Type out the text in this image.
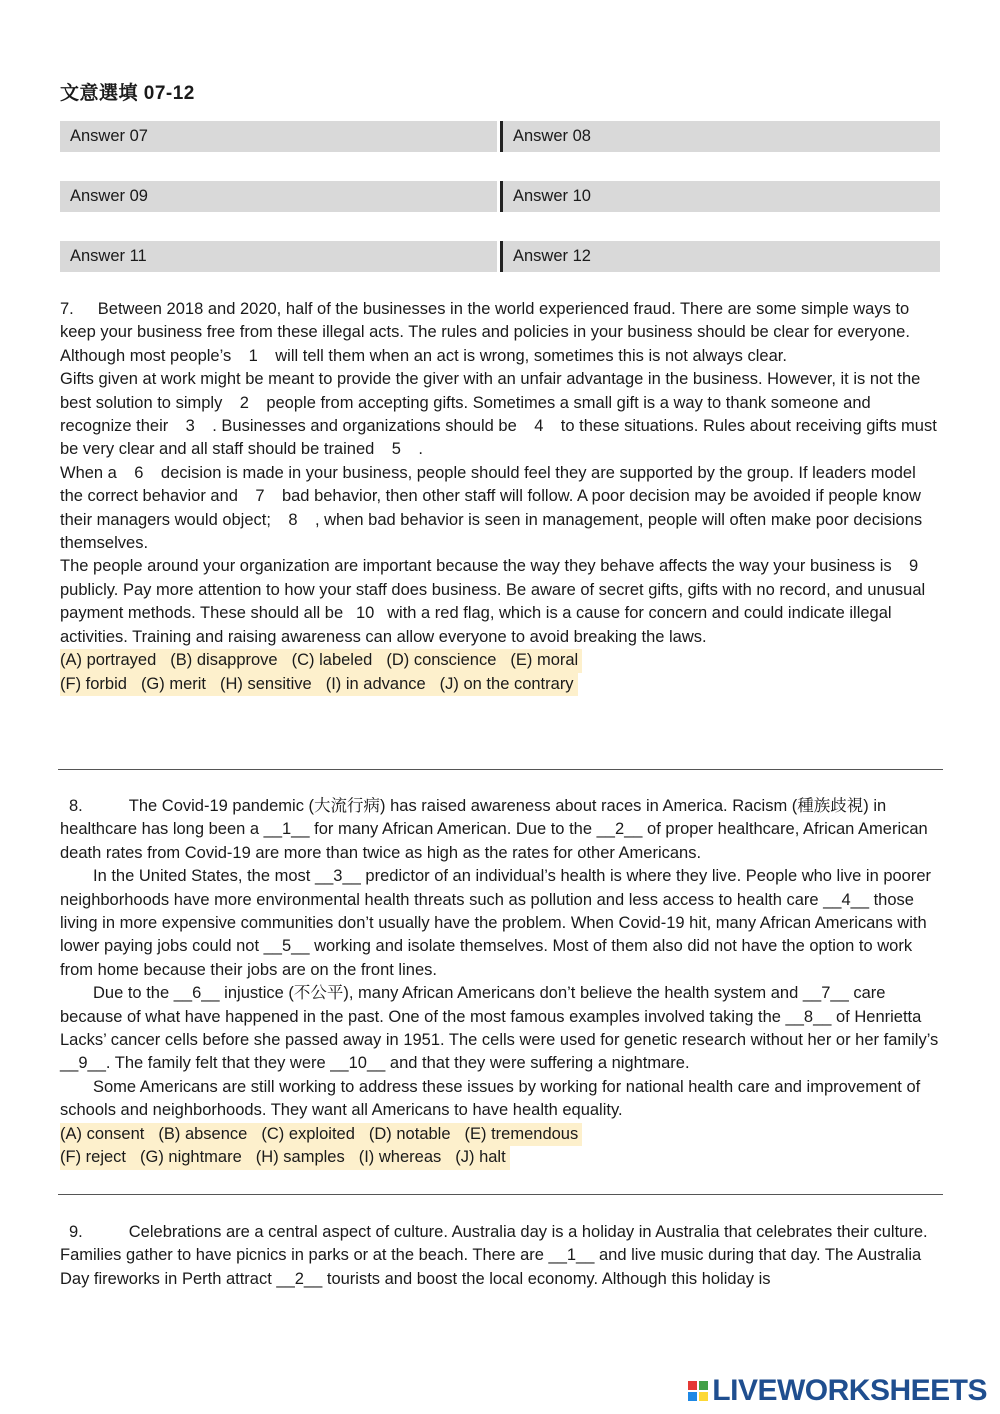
文意選填 07-12
Answer 07	Answer 08
Answer 09	Answer 10
Answer 11	Answer 12

7. Between 2018 and 2020, half of the businesses in the world experienced fraud. There are some simple ways to keep your business free from these illegal acts. The rules and policies in your business should be clear for everyone. Although most people’s 1 will tell them when an act is wrong, sometimes this is not always clear.

Gifts given at work might be meant to provide the giver with an unfair advantage in the business. However, it is not the best solution to simply 2 people from accepting gifts. Sometimes a small gift is a way to thank someone and recognize their 3 . Businesses and organizations should be 4 to these situations. Rules about receiving gifts must be very clear and all staff should be trained 5 .

When a 6 decision is made in your business, people should feel they are supported by the group. If leaders model the correct behavior and 7 bad behavior, then other staff will follow. A poor decision may be avoided if people know their managers would object; 8 , when bad behavior is seen in management, people will often make poor decisions themselves.

The people around your organization are important because the way they behave affects the way your business is 9publicly. Pay more attention to how your staff does business. Be aware of secret gifts, gifts with no record, and unusual payment methods. These should all be 10 with a red flag, which is a cause for concern and could indicate illegal activities. Training and raising awareness can allow everyone to avoid breaking the laws.

(A) portrayed (B) disapprove (C) labeled (D) conscience (E) moral

(F) forbid (G) merit (H) sensitive (I) in advance (J) on the contrary

8.	The Covid-19 pandemic (大流行病) has raised awareness about races in America. Racism (種族歧視) in healthcare has long been a __1__ for many African American. Due to the __2__ of proper healthcare, African American death rates from Covid-19 are more than twice as high as the rates for other Americans.

In the United States, the most __3__ predictor of an individual’s health is where they live. People who live in poorer neighborhoods have more environmental health threats such as pollution and less access to health care __4__ those living in more expensive communities don’t usually have the problem. When Covid-19 hit, many African Americans with lower paying jobs could not __5__ working and isolate themselves. Most of them also did not have the option to work from home because their jobs are on the front lines.

Due to the __6__ injustice (不公平), many African Americans don’t believe the health system and __7__ care because of what have happened in the past. One of the most famous examples involved taking the __8__ of Henrietta Lacks’ cancer cells before she passed away in 1951. The cells were used for genetic research without her or her family’s __9__. The family felt that they were __10__ and that they were suffering a nightmare.

Some Americans are still working to address these issues by working for national health care and improvement of schools and neighborhoods. They want all Americans to have health equality.

(A) consent (B) absence (C) exploited (D) notable (E) tremendous

(F) reject (G) nightmare (H) samples (I) whereas (J) halt

9.	Celebrations are a central aspect of culture. Australia day is a holiday in Australia that celebrates their culture. Families gather to have picnics in parks or at the beach. There are __1__ and live music during that day. The Australia Day fireworks in Perth attract __2__ tourists and boost the local economy. Although this holiday is

LIVEWORKSHEETS
